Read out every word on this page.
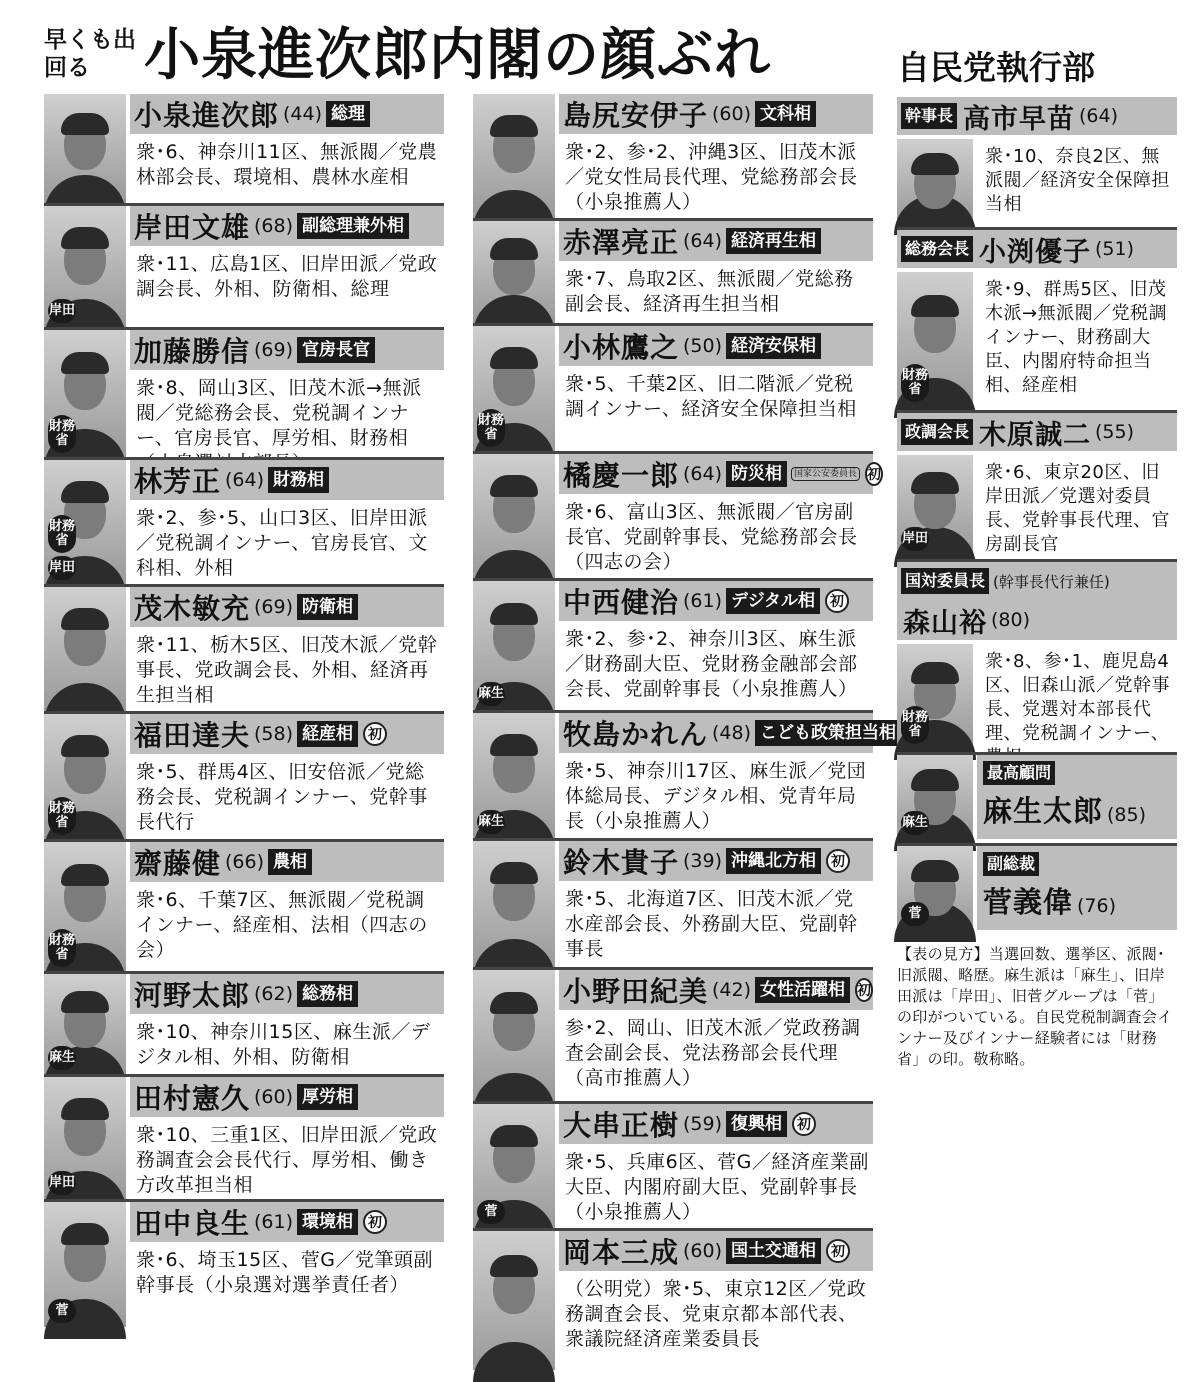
早くも出回る 小泉進次郎内閣の顔ぶれ	自民党執行部
小泉進次郎 (44) 総理
衆･6、神奈川11区、無派閥／党農林部会長、環境相、農林水産相
岸田
岸田文雄 (68) 副総理兼外相
衆･11、広島1区、旧岸田派／党政調会長、外相、防衛相、総理
財務省
加藤勝信 (69) 官房長官
衆･8、岡山3区、旧茂木派→無派閥／党総務会長、党税調インナー、官房長官、厚労相、財務相
財務省
岸田
林芳正 (64) 財務相
衆･2、参･5、山口3区、旧岸田派／党税調インナー、官房長官、文科相、外相
茂木敏充 (69) 防衛相
衆･11、栃木5区、旧茂木派／党幹事長、党政調会長、外相、経済再生担当相
財務省
福田達夫 (58) 経産相	初
衆･5、群馬4区、旧安倍派／党総務会長、党税調インナー、党幹事長代行
財務省
齋藤健 (66) 農相
衆･6、千葉7区、無派閥／党税調インナー、経産相、法相（四志の会）
麻生
河野太郎 (62) 総務相
衆･10、神奈川15区、麻生派／デジタル相、外相、防衛相
岸田
田村憲久 (60) 厚労相
衆･10、三重1区、旧岸田派／党政務調査会会長代行、厚労相、働き方改革担当相
菅
田中良生 (61) 環境相	初
衆･6、埼玉15区、菅G／党筆頭副幹事長（小泉選対選挙責任者）
島尻安伊子 (60) 文科相
衆･2、参･2、沖縄3区、旧茂木派／党女性局長代理、党総務部会長（小泉推薦人）
赤澤亮正 (64) 経済再生相
衆･7、鳥取2区、無派閥／党総務副会長、経済再生担当相
財務省
小林鷹之 (50) 経済安保相
衆･5、千葉2区、旧二階派／党税調インナー、経済安全保障担当相
橘慶一郎 (64) 防災相	国家公安委員長 初
衆･6、富山3区、無派閥／官房副長官、党副幹事長、党総務部会長（四志の会）
麻生
中西健治 (61) デジタル相	初
衆･2、参･2、神奈川3区、麻生派／財務副大臣、党財務金融部会部会長、党副幹事長（小泉推薦人）
麻生
牧島かれん (48) こども政策担当相
衆･5、神奈川17区、麻生派／党団体総局長、デジタル相、党青年局長（小泉推薦人）
鈴木貴子 (39) 沖縄北方相	初
衆･5、北海道7区、旧茂木派／党水産部会長、外務副大臣、党副幹事長
小野田紀美 (42) 女性活躍相 初
参･2、岡山、旧茂木派／党政務調査会副会長、党法務部会長代理（高市推薦人）
菅
大串正樹 (59) 復興相	初
衆･5、兵庫6区、菅G／経済産業副大臣、内閣府副大臣、党副幹事長（小泉推薦人）
岡本三成 (60) 国土交通相	初
（公明党）衆･5、東京12区／党政務調査会長、党東京都本部代表、衆議院経済産業委員長
幹事長 高市早苗 (64)
衆･10、奈良2区、無派閥／経済安全保障担当相
総務会長 小渕優子 (51)
財務省
衆･9、群馬5区、旧茂木派→無派閥／党税調インナー、財務副大臣、内閣府特命担当相、経産相
政調会長 木原誠二 (55)
岸田
衆･6、東京20区、旧岸田派／党選対委員長、党幹事長代理、官房副長官
国対委員長 (幹事長代行兼任)
森山裕 (80)
財務省
衆･8、参･1、鹿児島4区、旧森山派／党幹事長、党選対本部長代理、党税調インナー、
麻生
最高顧問
麻生太郎 (85)
菅
副総裁
菅義偉 (76)
【表の見方】当選回数、選挙区、派閥･旧派閥、略歴。麻生派は「麻生」、旧岸田派は「岸田」、旧菅グループは「菅」の印がついている。自民党税制調査会インナー及びインナー経験者には「財務省」の印。敬称略。
